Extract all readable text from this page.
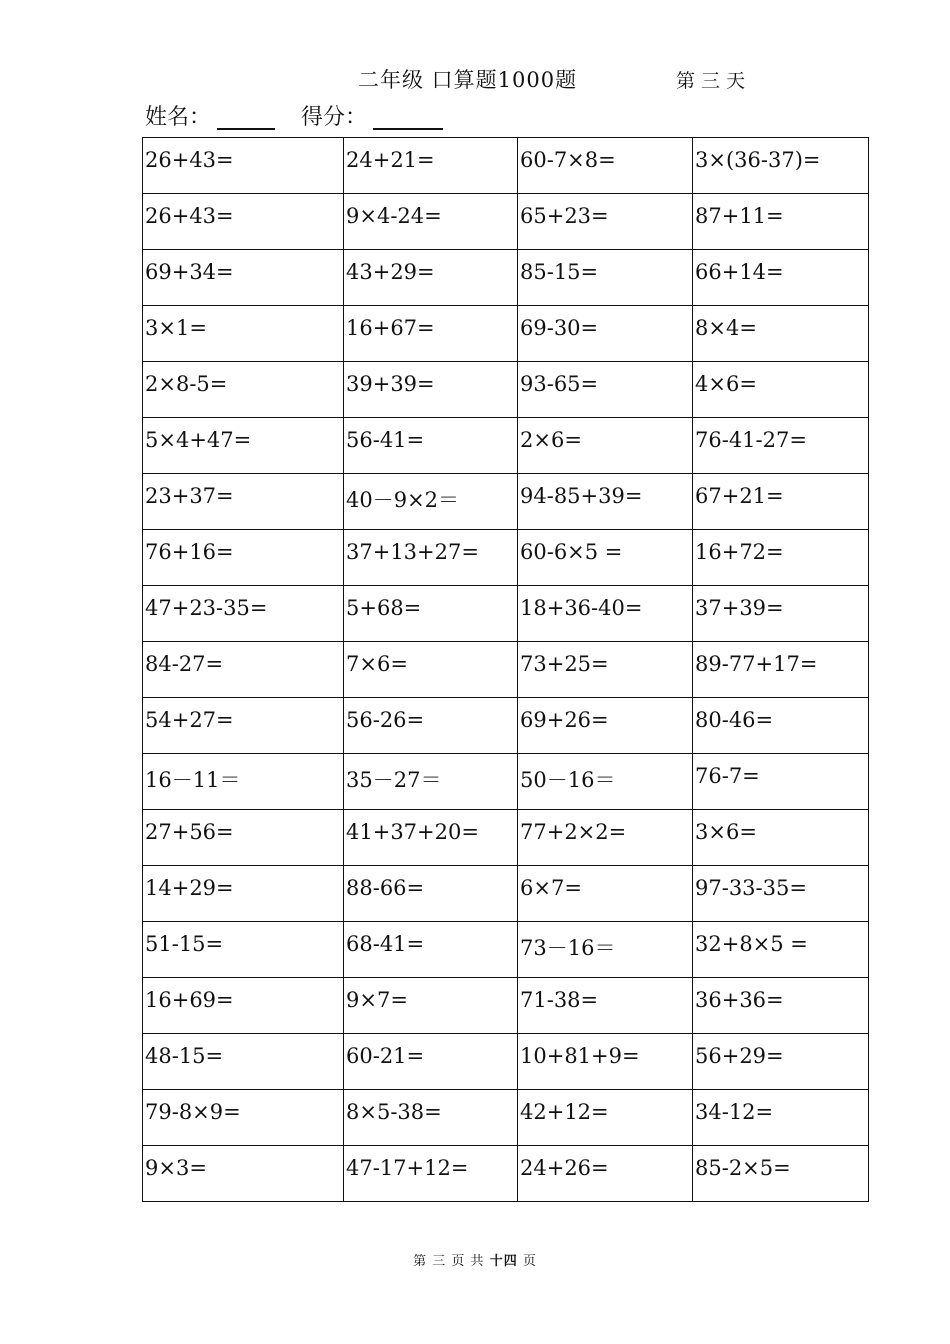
二年级 口算题1000题	第 三 天
姓名：	得分：
26+43=	24+21=	60-7×8=	3×(36-37)=

26+43=	9×4-24=	65+23=	87+11=

69+34=	43+29=	85-15=	66+14=

3×1=	16+67=	69-30=	8×4=

2×8-5=	39+39=	93-65=	4×6=

5×4+47=	56-41=	2×6=	76-41-27=

23+37=	40－9×2＝	94-85+39=	67+21=

76+16=	37+13+27=	60-6×5 =	16+72=

47+23-35=	5+68=	18+36-40=	37+39=

84-27=	7×6=	73+25=	89-77+17=

54+27=	56-26=	69+26=	80-46=

16－11＝	35－27＝	50－16＝	76-7=

27+56=	41+37+20=	77+2×2=	3×6=

14+29=	88-66=	6×7=	97-33-35=

51-15=	68-41=	73－16＝	32+8×5 =

16+69=	9×7=	71-38=	36+36=

48-15=	60-21=	10+81+9=	56+29=

79-8×9=	8×5-38=	42+12=	34-12=

9×3=	47-17+12=	24+26=	85-2×5=
第 三 页 共 十四 页
